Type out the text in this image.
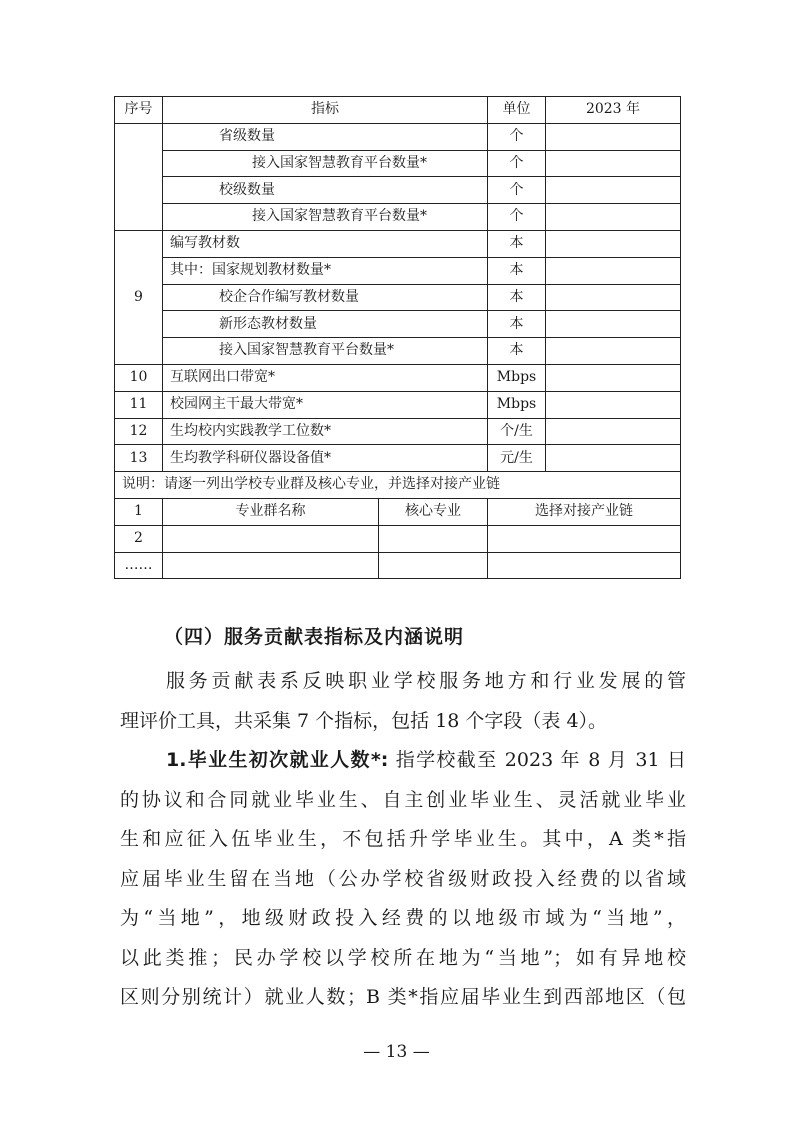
序号	指标		单位	2023 年
	省级数量		个	
	接入国家智慧教育平台数量*		个	
	校级数量		个	
	接入国家智慧教育平台数量*		个	
9	编写教材数		本	
	其中：国家规划教材数量*		本	
	校企合作编写教材数量		本	
	新形态教材数量		本	
	接入国家智慧教育平台数量*		本	
10	互联网出口带宽*		Mbps	
11	校园网主干最大带宽*		Mbps	
12	生均校内实践教学工位数*		个/生	
13	生均教学科研仪器设备值*		元/生	
说明：请逐一列出学校专业群及核心专业，并选择对接产业链				
1	专业群名称	核心专业	选择对接产业链	
2				
……				
（四）服务贡献表指标及内涵说明
服务贡献表系反映职业学校服务地方和行业发展的管
理评价工具，共采集 7 个指标，包括 18 个字段（表 4）。
1.毕业生初次就业人数*: 指学校截至 2023 年 8 月 31 日
的协议和合同就业毕业生、自主创业毕业生、灵活就业毕业
生和应征入伍毕业生，不包括升学毕业生。其中，A 类*指
应届毕业生留在当地（公办学校省级财政投入经费的以省域
为“当地”，地级财政投入经费的以地级市域为“当地”，
以此类推；民办学校以学校所在地为“当地”；如有异地校
区则分别统计）就业人数；B 类*指应届毕业生到西部地区（包
— 13 —
